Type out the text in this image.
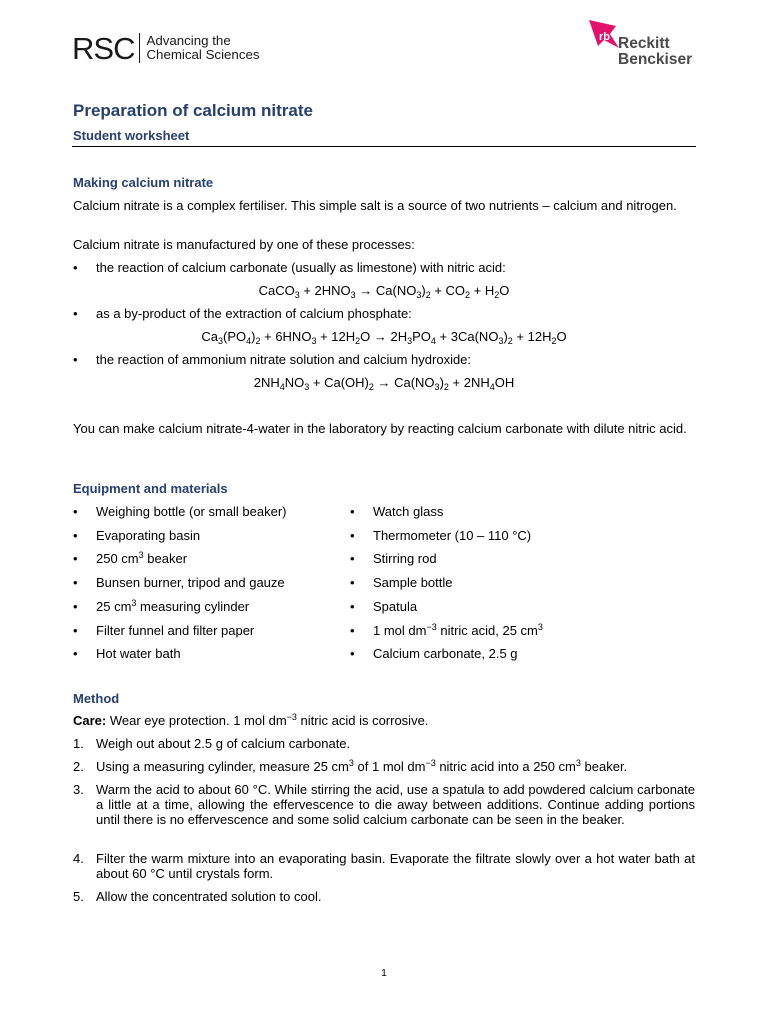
RSC Advancing the
Chemical Sciences
rb Reckitt
Benckiser
Preparation of calcium nitrate
Student worksheet
Making calcium nitrate
Calcium nitrate is a complex fertiliser. This simple salt is a source of two nutrients – calcium and nitrogen.
Calcium nitrate is manufactured by one of these processes:
• the reaction of calcium carbonate (usually as limestone) with nitric acid:
CaCO$_3$ + $2HNO_3 \to Ca(NO_3)_2 + CO_2 + H_2O$
• as a by-product of the extraction of calcium phosphate:
$Ca_3(PO_4)_2 + 6HNO_3 + 12H_2O \to 2H_3PO_4 + 3Ca(NO_3)_2 + 12H_2O$
• the reaction of ammonium nitrate solution and calcium hydroxide:
$2NH_4NO_3 + Ca(OH)_2 \to Ca(NO_3)_2 + 2NH_4OH$
You can make calcium nitrate-4-water in the laboratory by reacting calcium carbonate with dilute nitric acid.
Equipment and materials
• Weighing bottle (or small beaker)
• Evaporating basin
• 250 $cm^3$ beaker
• Bunsen burner, tripod and gauze
• 25 $cm^3$ measuring cylinder
• Filter funnel and filter paper
• Hot water bath
• Watch glass
• Thermometer (10 – 110 °C)
• Stirring rod
• Sample bottle
• Spatula
• 1 mol $dm^{-3}$ nitric acid, 25 $cm^3$
• Calcium carbonate, 2.5 g
Method
Care: Wear eye protection. 1 mol $dm^{-3}$ nitric acid is corrosive.
1. Weigh out about 2.5 g of calcium carbonate.
2. Using a measuring cylinder, measure 25 $cm^3$ of 1 mol $dm^{-3}$ nitric acid into a 250 $cm^3$ beaker.
3. Warm the acid to about 60 °C. While stirring the acid, use a spatula to add powdered calcium carbonate a little at a time, allowing the effervescence to die away between additions. Continue adding portions until there is no effervescence and some solid calcium carbonate can be seen in the beaker.
4. Filter the warm mixture into an evaporating basin. Evaporate the filtrate slowly over a hot water bath at about 60 °C until crystals form.
5. Allow the concentrated solution to cool.
1
